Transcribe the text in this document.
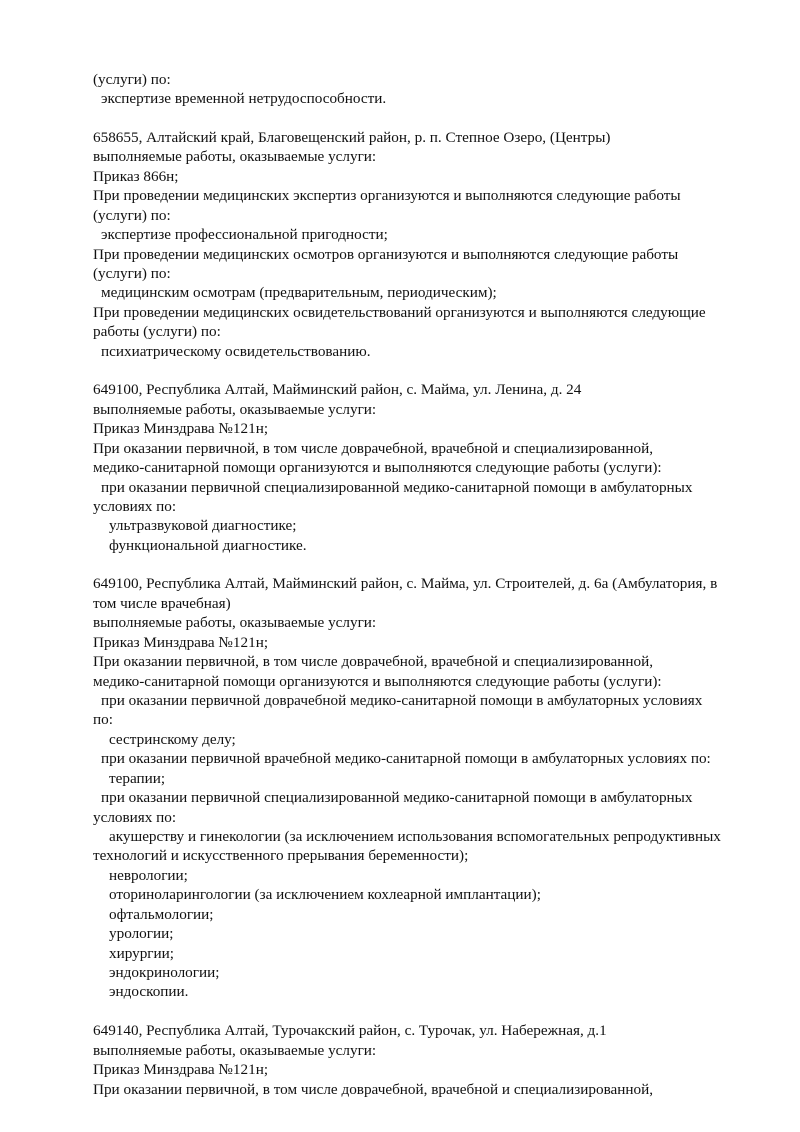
(услуги) по:
экспертизе временной нетрудоспособности.
658655, Алтайский край, Благовещенский район, р. п. Степное Озеро, (Центры)
выполняемые работы, оказываемые услуги:
Приказ 866н;
При проведении медицинских экспертиз организуются и выполняются следующие работы
(услуги) по:
экспертизе профессиональной пригодности;
При проведении медицинских осмотров организуются и выполняются следующие работы
(услуги) по:
медицинским осмотрам (предварительным, периодическим);
При проведении медицинских освидетельствований организуются и выполняются следующие
работы (услуги) по:
психиатрическому освидетельствованию.
649100, Республика Алтай, Майминский район, с. Майма, ул. Ленина, д. 24
выполняемые работы, оказываемые услуги:
Приказ Минздрава №121н;
При оказании первичной, в том числе доврачебной, врачебной и специализированной,
медико-санитарной помощи организуются и выполняются следующие работы (услуги):
при оказании первичной специализированной медико-санитарной помощи в амбулаторных
условиях по:
ультразвуковой диагностике;
функциональной диагностике.
649100, Республика Алтай, Майминский район, с. Майма, ул. Строителей, д. 6а (Амбулатория, в
том числе врачебная)
выполняемые работы, оказываемые услуги:
Приказ Минздрава №121н;
При оказании первичной, в том числе доврачебной, врачебной и специализированной,
медико-санитарной помощи организуются и выполняются следующие работы (услуги):
при оказании первичной доврачебной медико-санитарной помощи в амбулаторных условиях
по:
сестринскому делу;
при оказании первичной врачебной медико-санитарной помощи в амбулаторных условиях по:
терапии;
при оказании первичной специализированной медико-санитарной помощи в амбулаторных
условиях по:
акушерству и гинекологии (за исключением использования вспомогательных репродуктивных
технологий и искусственного прерывания беременности);
неврологии;
оториноларингологии (за исключением кохлеарной имплантации);
офтальмологии;
урологии;
хирургии;
эндокринологии;
эндоскопии.
649140, Республика Алтай, Турочакский район, с. Турочак, ул. Набережная, д.1
выполняемые работы, оказываемые услуги:
Приказ Минздрава №121н;
При оказании первичной, в том числе доврачебной, врачебной и специализированной,
